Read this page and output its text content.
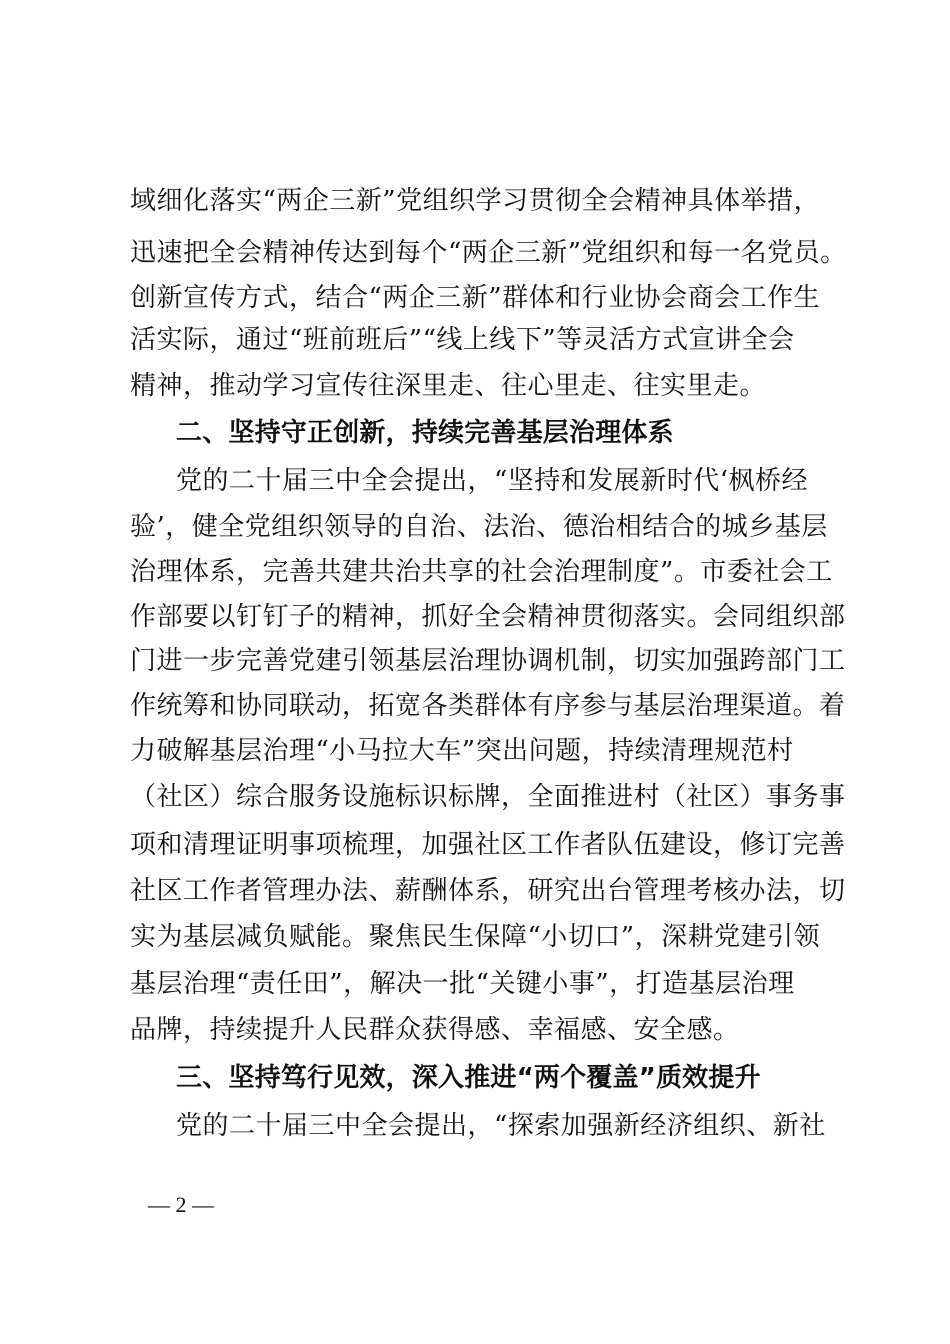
域细化落实“两企三新”党组织学习贯彻全会精神具体举措，
迅速把全会精神传达到每个“两企三新”党组织和每一名党员。
创新宣传方式，结合“两企三新”群体和行业协会商会工作生
活实际，通过“班前班后”“线上线下”等灵活方式宣讲全会
精神，推动学习宣传往深里走、往心里走、往实里走。
二、坚持守正创新，持续完善基层治理体系
党的二十届三中全会提出，“坚持和发展新时代‘枫桥经
验’，健全党组织领导的自治、法治、德治相结合的城乡基层
治理体系，完善共建共治共享的社会治理制度”。市委社会工
作部要以钉钉子的精神，抓好全会精神贯彻落实。会同组织部
门进一步完善党建引领基层治理协调机制，切实加强跨部门工
作统筹和协同联动，拓宽各类群体有序参与基层治理渠道。着
力破解基层治理“小马拉大车”突出问题，持续清理规范村
（社区）综合服务设施标识标牌，全面推进村（社区）事务事
项和清理证明事项梳理，加强社区工作者队伍建设，修订完善
社区工作者管理办法、薪酬体系，研究出台管理考核办法，切
实为基层减负赋能。聚焦民生保障“小切口”，深耕党建引领
基层治理“责任田”，解决一批“关键小事”，打造基层治理
品牌，持续提升人民群众获得感、幸福感、安全感。
三、坚持笃行见效，深入推进“两个覆盖”质效提升
党的二十届三中全会提出，“探索加强新经济组织、新社
— 2 —
